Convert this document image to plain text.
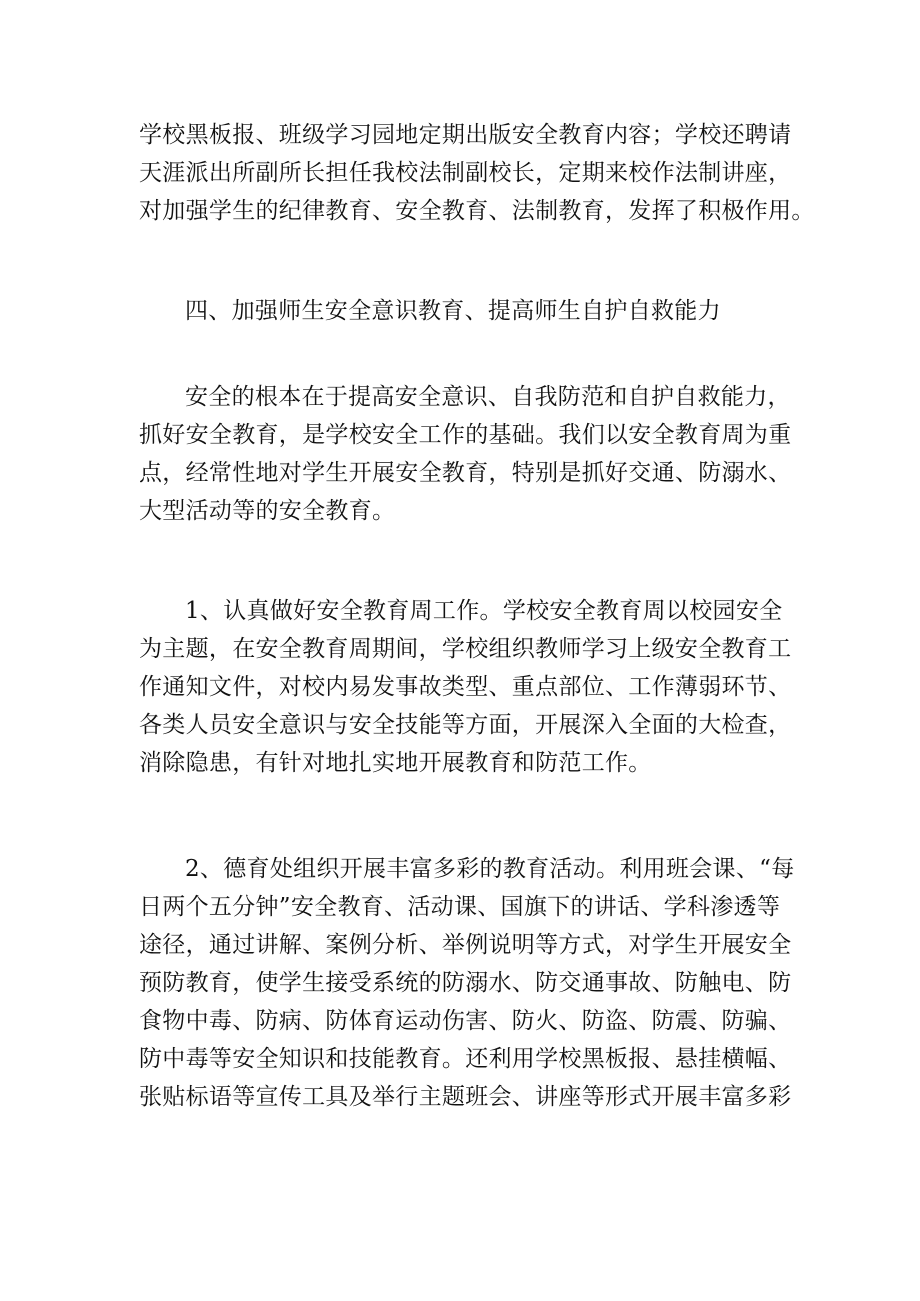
学校黑板报、班级学习园地定期出版安全教育内容；学校还聘请
天涯派出所副所长担任我校法制副校长，定期来校作法制讲座，
对加强学生的纪律教育、安全教育、法制教育，发挥了积极作用。
四、加强师生安全意识教育、提高师生自护自救能力
安全的根本在于提高安全意识、自我防范和自护自救能力，
抓好安全教育，是学校安全工作的基础。我们以安全教育周为重
点，经常性地对学生开展安全教育，特别是抓好交通、防溺水、
大型活动等的安全教育。
1、认真做好安全教育周工作。学校安全教育周以校园安全
为主题，在安全教育周期间，学校组织教师学习上级安全教育工
作通知文件，对校内易发事故类型、重点部位、工作薄弱环节、
各类人员安全意识与安全技能等方面，开展深入全面的大检查，
消除隐患，有针对地扎实地开展教育和防范工作。
2、德育处组织开展丰富多彩的教育活动。利用班会课、“每
日两个五分钟”安全教育、活动课、国旗下的讲话、学科渗透等
途径，通过讲解、案例分析、举例说明等方式，对学生开展安全
预防教育，使学生接受系统的防溺水、防交通事故、防触电、防
食物中毒、防病、防体育运动伤害、防火、防盗、防震、防骗、
防中毒等安全知识和技能教育。还利用学校黑板报、悬挂横幅、
张贴标语等宣传工具及举行主题班会、讲座等形式开展丰富多彩
